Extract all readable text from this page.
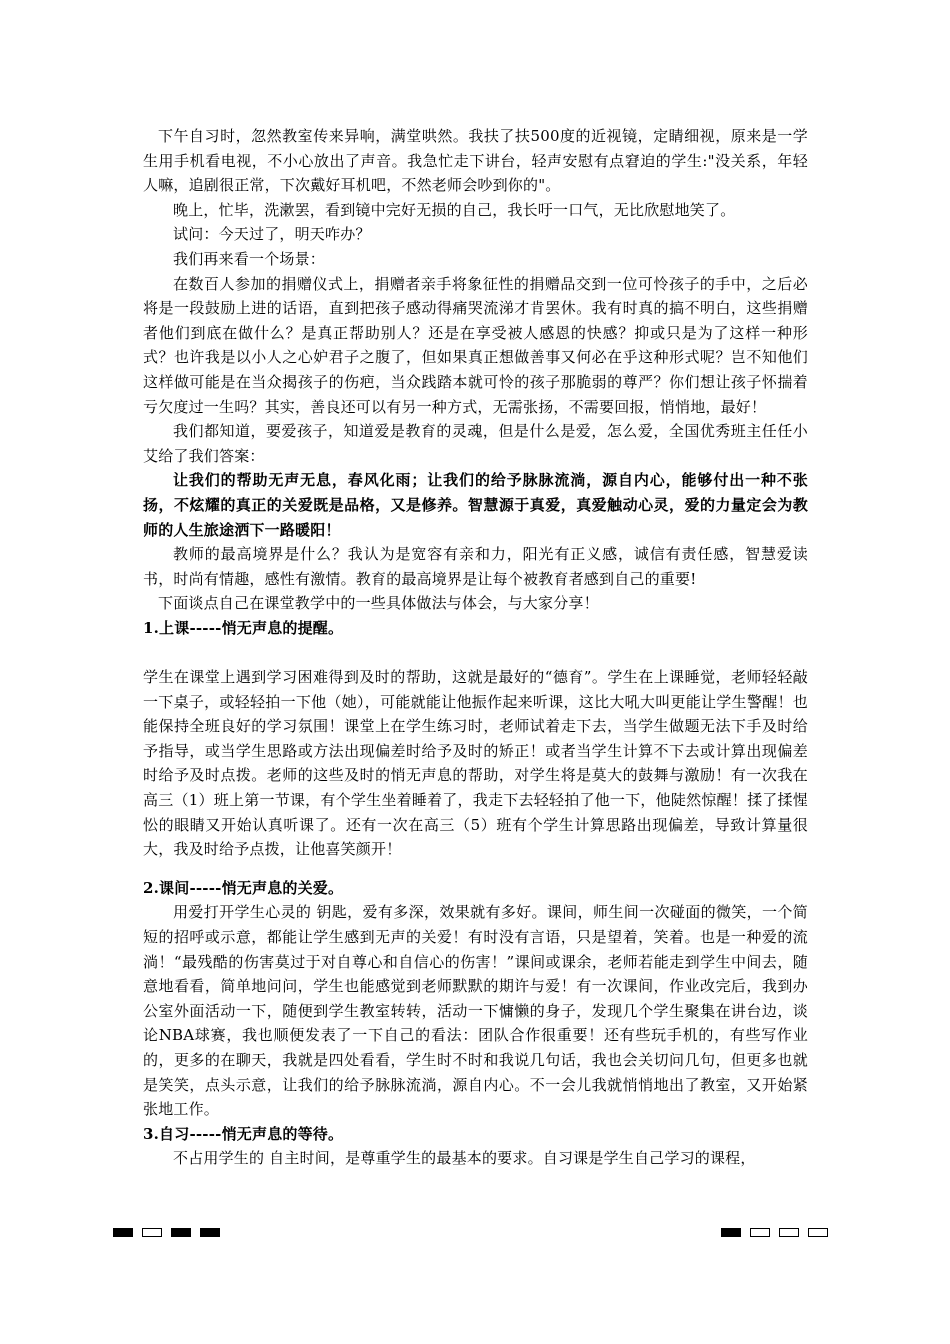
下午自习时，忽然教室传来异响，满堂哄然。我扶了扶500度的近视镜，定睛细视，原来是一学生用手机看电视，不小心放出了声音。我急忙走下讲台，轻声安慰有点窘迫的学生:"没关系，年轻人嘛，追剧很正常，下次戴好耳机吧，不然老师会吵到你的"。

晚上，忙毕，洗漱罢，看到镜中完好无损的自己，我长吁一口气，无比欣慰地笑了。

试问：今天过了，明天咋办？

我们再来看一个场景：

在数百人参加的捐赠仪式上，捐赠者亲手将象征性的捐赠品交到一位可怜孩子的手中，之后必将是一段鼓励上进的话语，直到把孩子感动得痛哭流涕才肯罢休。我有时真的搞不明白，这些捐赠者他们到底在做什么？是真正帮助别人？还是在享受被人感恩的快感？抑或只是为了这样一种形式？也许我是以小人之心妒君子之腹了，但如果真正想做善事又何必在乎这种形式呢？岂不知他们这样做可能是在当众揭孩子的伤疤，当众践踏本就可怜的孩子那脆弱的尊严？你们想让孩子怀揣着亏欠度过一生吗？其实，善良还可以有另一种方式，无需张扬，不需要回报，悄悄地，最好！

我们都知道，要爱孩子，知道爱是教育的灵魂，但是什么是爱，怎么爱，全国优秀班主任任小艾给了我们答案：

让我们的帮助无声无息，春风化雨；让我们的给予脉脉流淌，源自内心，能够付出一种不张扬，不炫耀的真正的关爱既是品格，又是修养。智慧源于真爱，真爱触动心灵，爱的力量定会为教师的人生旅途洒下一路暖阳！

教师的最高境界是什么？我认为是宽容有亲和力，阳光有正义感，诚信有责任感，智慧爱读书，时尚有情趣，感性有激情。教育的最高境界是让每个被教育者感到自己的重要!

下面谈点自己在课堂教学中的一些具体做法与体会，与大家分享！

1.上课-----悄无声息的提醒。

学生在课堂上遇到学习困难得到及时的帮助，这就是最好的“德育”。学生在上课睡觉，老师轻轻敲一下桌子，或轻轻拍一下他（她），可能就能让他振作起来听课，这比大吼大叫更能让学生警醒！也能保持全班良好的学习氛围！课堂上在学生练习时，老师试着走下去，当学生做题无法下手及时给予指导，或当学生思路或方法出现偏差时给予及时的矫正！或者当学生计算不下去或计算出现偏差时给予及时点拨。老师的这些及时的悄无声息的帮助，对学生将是莫大的鼓舞与激励！有一次我在高三（1）班上第一节课，有个学生坐着睡着了，我走下去轻轻拍了他一下，他陡然惊醒！揉了揉惺忪的眼睛又开始认真听课了。还有一次在高三（5）班有个学生计算思路出现偏差，导致计算量很大，我及时给予点拨，让他喜笑颜开！

2.课间-----悄无声息的关爱。

用爱打开学生心灵的 钥匙，爱有多深，效果就有多好。课间，师生间一次碰面的微笑，一个简短的招呼或示意，都能让学生感到无声的关爱！有时没有言语，只是望着，笑着。也是一种爱的流淌！“最残酷的伤害莫过于对自尊心和自信心的伤害！”课间或课余，老师若能走到学生中间去，随意地看看，简单地问问，学生也能感觉到老师默默的期许与爱！有一次课间，作业改完后，我到办公室外面活动一下，随便到学生教室转转，活动一下慵懒的身子，发现几个学生聚集在讲台边，谈论NBA球赛，我也顺便发表了一下自己的看法：团队合作很重要！还有些玩手机的，有些写作业的，更多的在聊天，我就是四处看看，学生时不时和我说几句话，我也会关切问几句，但更多也就是笑笑，点头示意，让我们的给予脉脉流淌，源自内心。不一会儿我就悄悄地出了教室，又开始紧张地工作。

3.自习-----悄无声息的等待。

不占用学生的 自主时间，是尊重学生的最基本的要求。自习课是学生自己学习的课程，
